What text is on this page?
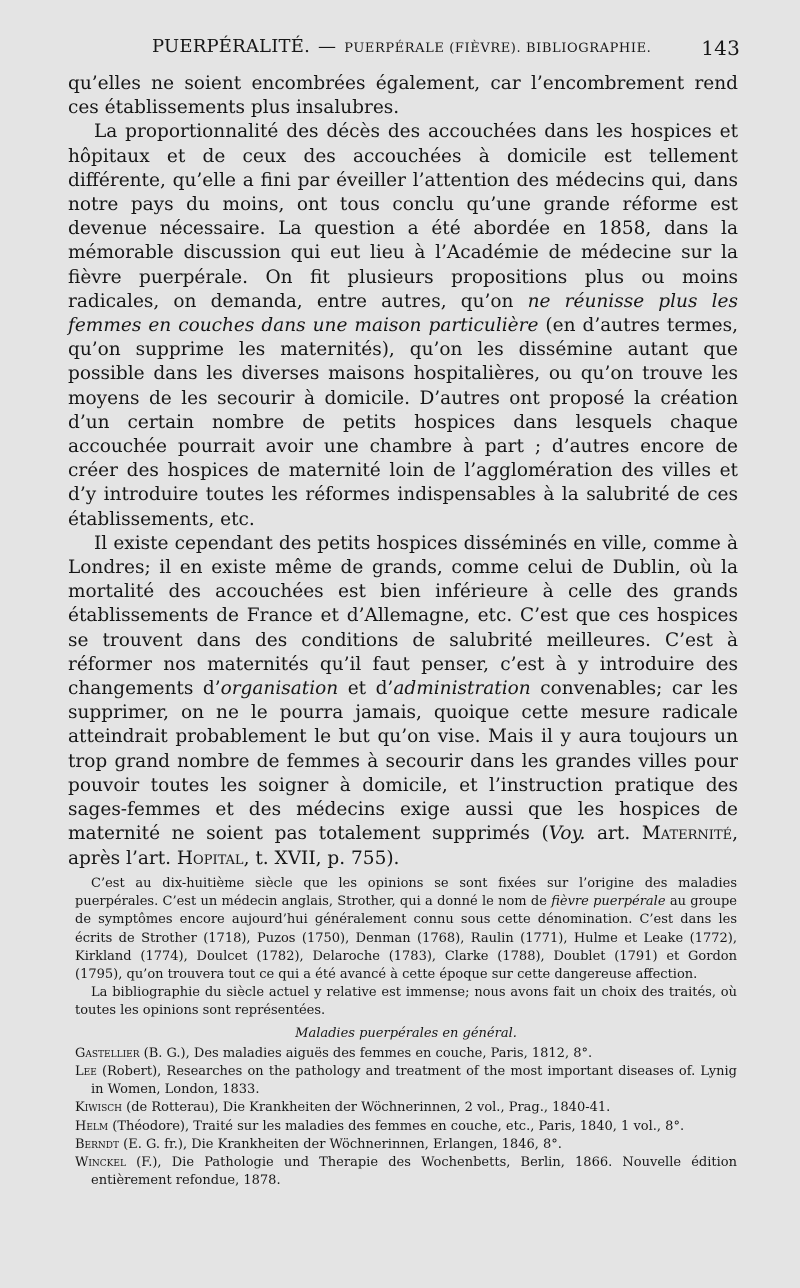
PUERPÉRALITÉ. — PUERPÉRALE (FIÈVRE). BIBLIOGRAPHIE. 143

qu’elles ne soient encombrées également, car l’encombrement rend ces établissements plus insalubres.

La proportionnalité des décès des accouchées dans les hospices et hôpitaux et de ceux des accouchées à domicile est tellement différente, qu’elle a fini par éveiller l’attention des médecins qui, dans notre pays du moins, ont tous conclu qu’une grande réforme est devenue nécessaire. La question a été abordée en 1858, dans la mémorable discussion qui eut lieu à l’Académie de médecine sur la fièvre puerpérale. On fit plusieurs propositions plus ou moins radicales, on demanda, entre autres, qu’on ne réunisse plus les femmes en couches dans une maison particulière (en d’autres termes, qu’on supprime les maternités), qu’on les dissémine autant que possible dans les diverses maisons hospitalières, ou qu’on trouve les moyens de les secourir à domicile. D’autres ont proposé la création d’un certain nombre de petits hospices dans lesquels chaque accouchée pourrait avoir une chambre à part ; d’autres encore de créer des hospices de maternité loin de l’agglomération des villes et d’y introduire toutes les réformes indispensables à la salubrité de ces établissements, etc.

Il existe cependant des petits hospices disséminés en ville, comme à Londres; il en existe même de grands, comme celui de Dublin, où la mortalité des accouchées est bien inférieure à celle des grands établissements de France et d’Allemagne, etc. C’est que ces hospices se trouvent dans des conditions de salubrité meilleures. C’est à réformer nos maternités qu’il faut penser, c’est à y introduire des changements d’organisation et d’administration convenables; car les supprimer, on ne le pourra jamais, quoique cette mesure radicale atteindrait probablement le but qu’on vise. Mais il y aura toujours un trop grand nombre de femmes à secourir dans les grandes villes pour pouvoir toutes les soigner à domicile, et l’instruction pratique des sages-femmes et des médecins exige aussi que les hospices de maternité ne soient pas totalement supprimés (Voy. art. Maternité, après l’art. Hopital, t. XVII, p. 755).

C’est au dix-huitième siècle que les opinions se sont fixées sur l’origine des maladies puerpérales. C’est un médecin anglais, Strother, qui a donné le nom de fièvre puerpérale au groupe de symptômes encore aujourd’hui généralement connu sous cette dénomination. C’est dans les écrits de Strother (1718), Puzos (1750), Denman (1768), Raulin (1771), Hulme et Leake (1772), Kirkland (1774), Doulcet (1782), Delaroche (1783), Clarke (1788), Doublet (1791) et Gordon (1795), qu’on trouvera tout ce qui a été avancé à cette époque sur cette dangereuse affection.

La bibliographie du siècle actuel y relative est immense; nous avons fait un choix des traités, où toutes les opinions sont représentées.

Maladies puerpérales en général.

Gastellier (B. G.), Des maladies aiguës des femmes en couche, Paris, 1812, 8°.

Lee (Robert), Researches on the pathology and treatment of the most important diseases of. Lynig in Women, London, 1833.

Kiwisch (de Rotterau), Die Krankheiten der Wöchnerinnen, 2 vol., Prag., 1840-41.

Helm (Théodore), Traité sur les maladies des femmes en couche, etc., Paris, 1840, 1 vol., 8°.

Berndt (E. G. fr.), Die Krankheiten der Wöchnerinnen, Erlangen, 1846, 8°.

Winckel (F.), Die Pathologie und Therapie des Wochenbetts, Berlin, 1866. Nouvelle édition entièrement refondue, 1878.
